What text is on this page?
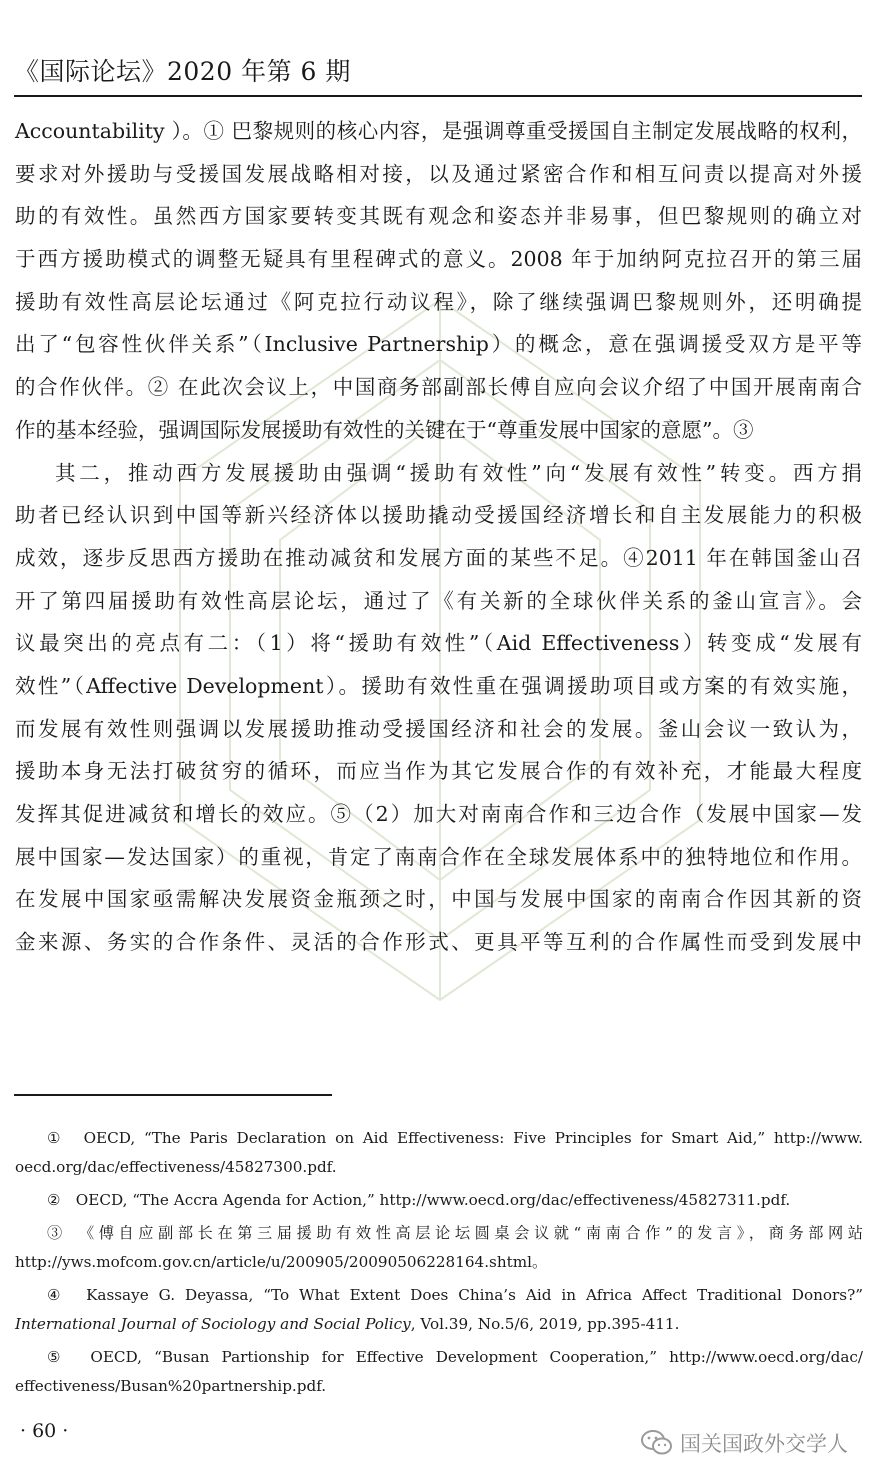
《国际论坛》2020 年第 6 期
Accountability ）。① 巴黎规则的核心内容，是强调尊重受援国自主制定发展战略的权利，
要求对外援助与受援国发展战略相对接，以及通过紧密合作和相互问责以提高对外援
助的有效性。虽然西方国家要转变其既有观念和姿态并非易事，但巴黎规则的确立对
于西方援助模式的调整无疑具有里程碑式的意义。2008 年于加纳阿克拉召开的第三届
援助有效性高层论坛通过《阿克拉行动议程》，除了继续强调巴黎规则外，还明确提
出了“包容性伙伴关系”（Inclusive Partnership）的概念，意在强调援受双方是平等
的合作伙伴。② 在此次会议上，中国商务部副部长傅自应向会议介绍了中国开展南南合
作的基本经验，强调国际发展援助有效性的关键在于“尊重发展中国家的意愿”。③
其二，推动西方发展援助由强调“援助有效性”向“发展有效性”转变。西方捐
助者已经认识到中国等新兴经济体以援助撬动受援国经济增长和自主发展能力的积极
成效，逐步反思西方援助在推动减贫和发展方面的某些不足。④2011 年在韩国釜山召
开了第四届援助有效性高层论坛，通过了《有关新的全球伙伴关系的釜山宣言》。会
议最突出的亮点有二：（1）将“援助有效性”（Aid Effectiveness）转变成“发展有
效性”（Affective Development）。援助有效性重在强调援助项目或方案的有效实施，
而发展有效性则强调以发展援助推动受援国经济和社会的发展。釜山会议一致认为，
援助本身无法打破贫穷的循环，而应当作为其它发展合作的有效补充，才能最大程度
发挥其促进减贫和增长的效应。⑤（2）加大对南南合作和三边合作（发展中国家—发
展中国家—发达国家）的重视，肯定了南南合作在全球发展体系中的独特地位和作用。
在发展中国家亟需解决发展资金瓶颈之时，中国与发展中国家的南南合作因其新的资
金来源、务实的合作条件、灵活的合作形式、更具平等互利的合作属性而受到发展中
①　OECD, “The Paris Declaration on Aid Effectiveness: Five Principles for Smart Aid,” http://www.
oecd.org/dac/effectiveness/45827300.pdf.
②　OECD, “The Accra Agenda for Action,” http://www.oecd.org/dac/effectiveness/45827311.pdf.
③　《傅自应副部长在第三届援助有效性高层论坛圆桌会议就“南南合作”的发言》，商务部网站
http://yws.mofcom.gov.cn/article/u/200905/20090506228164.shtml。
④　Kassaye G. Deyassa, “To What Extent Does China’s Aid in Africa Affect Traditional Donors?”
International Journal of Sociology and Social Policy, Vol.39, No.5/6, 2019, pp.395-411.
⑤　OECD, “Busan Partionship for Effective Development Cooperation,” http://www.oecd.org/dac/
effectiveness/Busan%20partnership.pdf.
· 60 ·
国关国政外交学人
